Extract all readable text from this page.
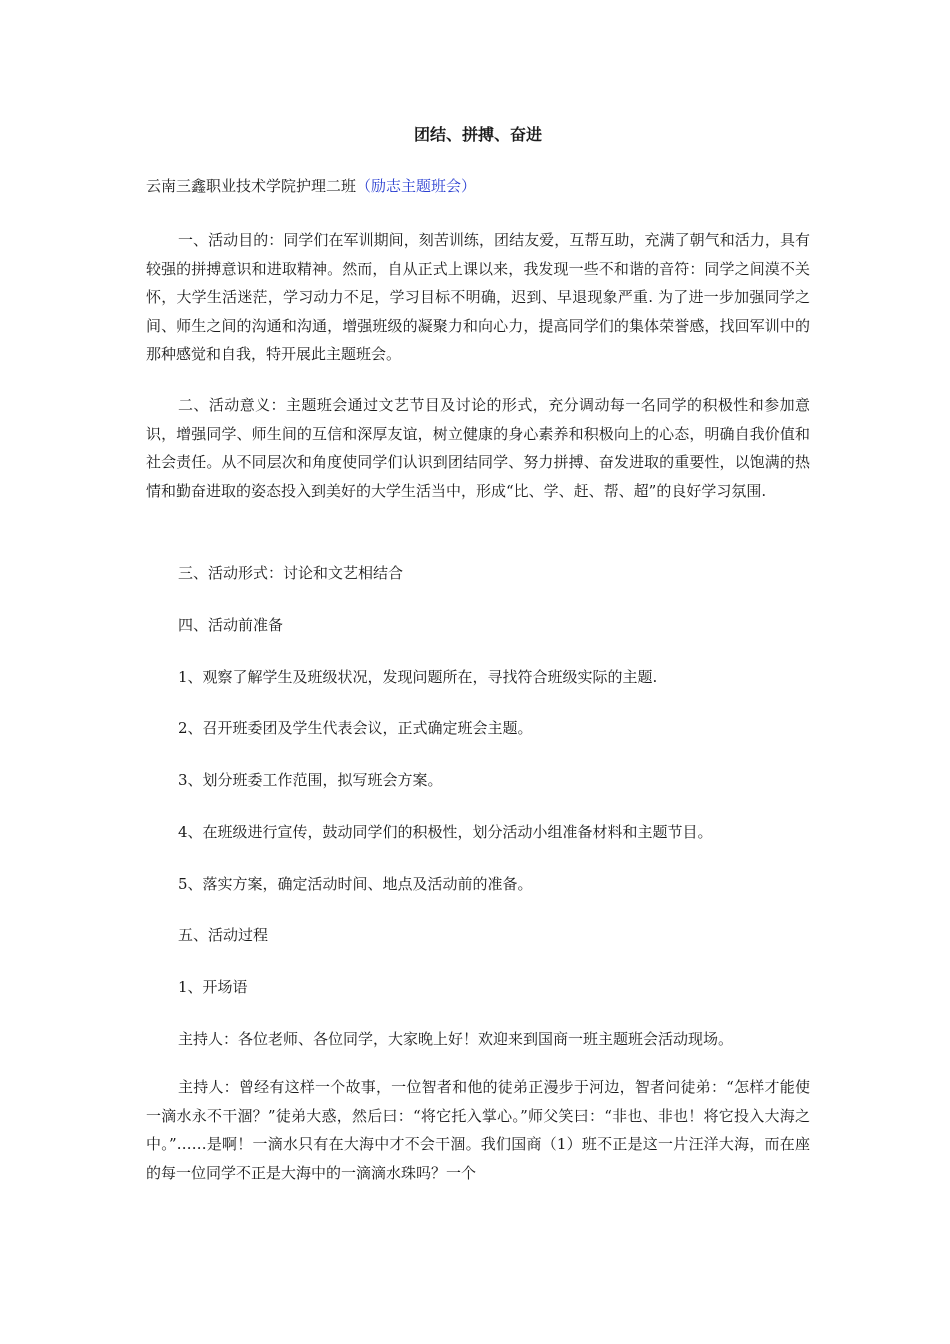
团结、拼搏、奋进

云南三鑫职业技术学院护理二班（励志主题班会）

一、活动目的：同学们在军训期间，刻苦训练，团结友爱，互帮互助，充满了朝气和活力，具有较强的拼搏意识和进取精神。然而，自从正式上课以来，我发现一些不和谐的音符：同学之间漠不关怀，大学生活迷茫，学习动力不足，学习目标不明确，迟到、早退现象严重. 为了进一步加强同学之间、师生之间的沟通和沟通，增强班级的凝聚力和向心力，提高同学们的集体荣誉感，找回军训中的那种感觉和自我，特开展此主题班会。

二、活动意义：主题班会通过文艺节目及讨论的形式，充分调动每一名同学的积极性和参加意识，增强同学、师生间的互信和深厚友谊，树立健康的身心素养和积极向上的心态，明确自我价值和社会责任。从不同层次和角度使同学们认识到团结同学、努力拼搏、奋发进取的重要性，以饱满的热情和勤奋进取的姿态投入到美好的大学生活当中，形成“比、学、赶、帮、超”的良好学习氛围.

三、活动形式：讨论和文艺相结合

四、活动前准备

1、观察了解学生及班级状况，发现问题所在，寻找符合班级实际的主题.

2、召开班委团及学生代表会议，正式确定班会主题。

3、划分班委工作范围，拟写班会方案。

4、在班级进行宣传，鼓动同学们的积极性，划分活动小组准备材料和主题节目。

5、落实方案，确定活动时间、地点及活动前的准备。

五、活动过程

1、开场语

主持人：各位老师、各位同学，大家晚上好！欢迎来到国商一班主题班会活动现场。

主持人：曾经有这样一个故事，一位智者和他的徒弟正漫步于河边，智者问徒弟：“怎样才能使一滴水永不干涸？”徒弟大惑，然后曰：“将它托入掌心。”师父笑曰：“非也、非也！将它投入大海之中。”……是啊！一滴水只有在大海中才不会干涸。我们国商（1）班不正是这一片汪洋大海，而在座的每一位同学不正是大海中的一滴滴水珠吗？一个
